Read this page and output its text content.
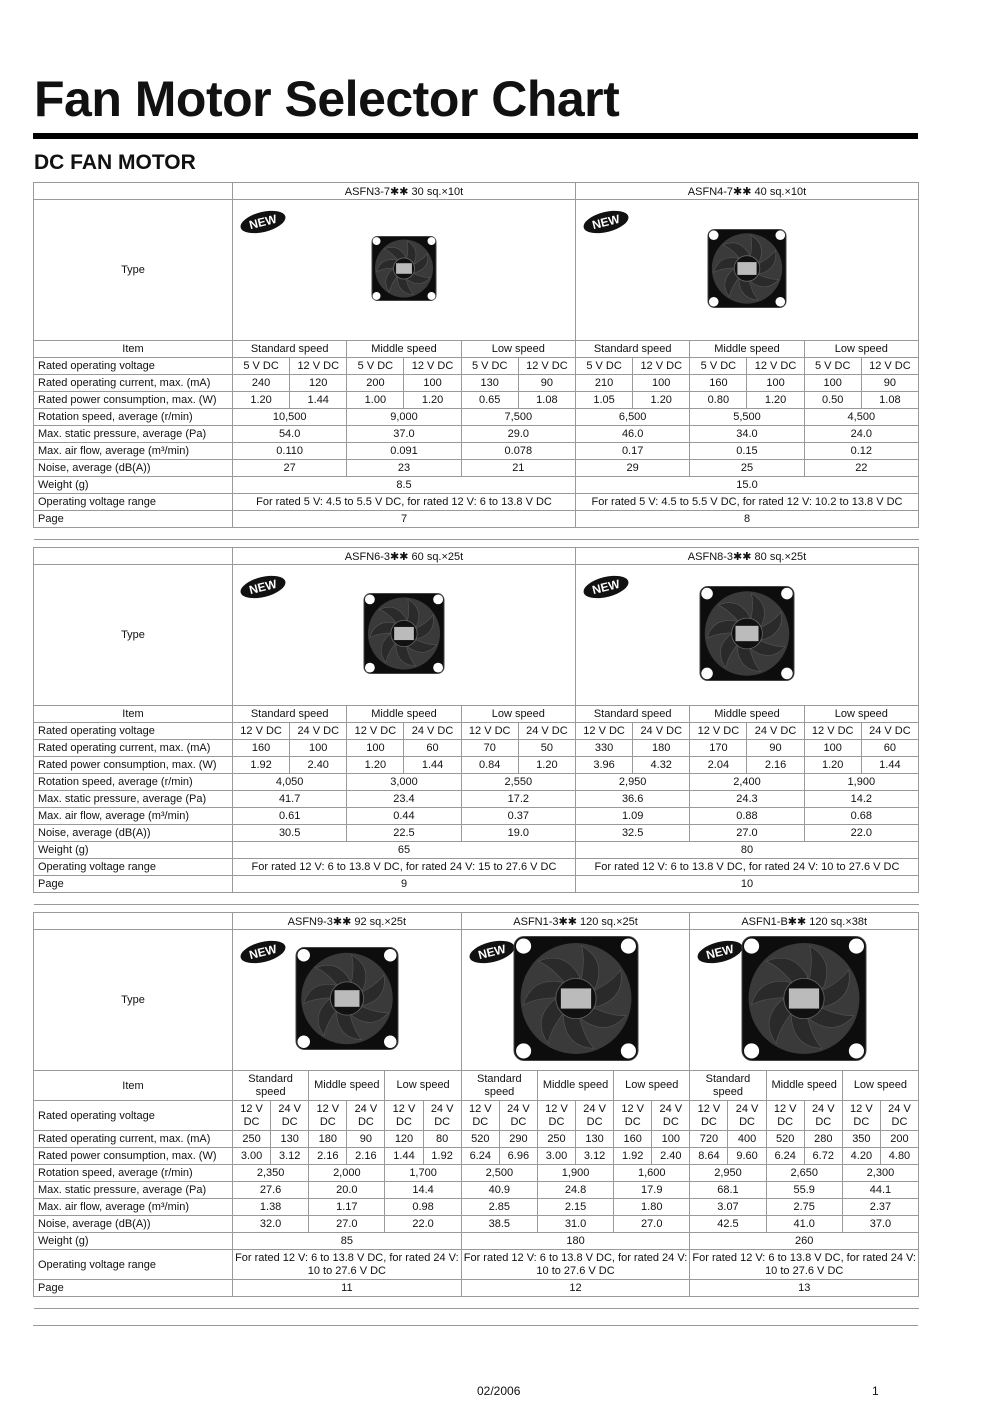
Fan Motor Selector Chart
DC FAN MOTOR
	ASFN3‑7✱✱ 30 sq.×10t						ASFN4‑7✱✱ 40 sq.×10t					
Type	NEW						NEW					

Item	Standard speed		Middle speed		Low speed		Standard speed		Middle speed		Low speed	
Rated operating voltage	5 V DC	12 V DC	5 V DC	12 V DC	5 V DC	12 V DC	5 V DC	12 V DC	5 V DC	12 V DC	5 V DC	12 V DC
Rated operating current, max. (mA)	240	120	200	100	130	90	210	100	160	100	100	90
Rated power consumption, max. (W)	1.20	1.44	1.00	1.20	0.65	1.08	1.05	1.20	0.80	1.20	0.50	1.08
Rotation speed, average (r/min)	10,500		9,000		7,500		6,500		5,500		4,500	
Max. static pressure, average (Pa)	54.0		37.0		29.0		46.0		34.0		24.0	
Max. air flow, average (m³/min)	0.110		0.091		0.078		0.17		0.15		0.12	
Noise, average (dB(A))	27		23		21		29		25		22	
Weight (g)	8.5						15.0					
Operating voltage range	For rated 5 V: 4.5 to 5.5 V DC, for rated 12 V: 6 to 13.8 V DC						For rated 5 V: 4.5 to 5.5 V DC, for rated 12 V: 10.2 to 13.8 V DC					
Page	7						8					

	ASFN6‑3✱✱ 60 sq.×25t						ASFN8‑3✱✱ 80 sq.×25t					
Type	NEW						NEW					

Item	Standard speed		Middle speed		Low speed		Standard speed		Middle speed		Low speed	
Rated operating voltage	12 V DC	24 V DC	12 V DC	24 V DC	12 V DC	24 V DC	12 V DC	24 V DC	12 V DC	24 V DC	12 V DC	24 V DC
Rated operating current, max. (mA)	160	100	100	60	70	50	330	180	170	90	100	60
Rated power consumption, max. (W)	1.92	2.40	1.20	1.44	0.84	1.20	3.96	4.32	2.04	2.16	1.20	1.44
Rotation speed, average (r/min)	4,050		3,000		2,550		2,950		2,400		1,900	
Max. static pressure, average (Pa)	41.7		23.4		17.2		36.6		24.3		14.2	
Max. air flow, average (m³/min)	0.61		0.44		0.37		1.09		0.88		0.68	
Noise, average (dB(A))	30.5		22.5		19.0		32.5		27.0		22.0	
Weight (g)	65						80					
Operating voltage range	For rated 12 V: 6 to 13.8 V DC, for rated 24 V: 15 to 27.6 V DC						For rated 12 V: 6 to 13.8 V DC, for rated 24 V: 10 to 27.6 V DC					
Page	9						10					

	ASFN9‑3✱✱ 92 sq.×25t						ASFN1‑3✱✱ 120 sq.×25t						ASFN1‑B✱✱ 120 sq.×38t					
Type	NEW						NEW						NEW					

Item	Standard speed		Middle speed		Low speed		Standard speed		Middle speed		Low speed		Standard speed		Middle speed		Low speed	
Rated operating voltage	12 V DC	24 V DC	12 V DC	24 V DC	12 V DC	24 V DC	12 V DC	24 V DC	12 V DC	24 V DC	12 V DC	24 V DC	12 V DC	24 V DC	12 V DC	24 V DC	12 V DC	24 V DC
Rated operating current, max. (mA)	250	130	180	90	120	80	520	290	250	130	160	100	720	400	520	280	350	200
Rated power consumption, max. (W)	3.00	3.12	2.16	2.16	1.44	1.92	6.24	6.96	3.00	3.12	1.92	2.40	8.64	9.60	6.24	6.72	4.20	4.80
Rotation speed, average (r/min)	2,350		2,000		1,700		2,500		1,900		1,600		2,950		2,650		2,300	
Max. static pressure, average (Pa)	27.6		20.0		14.4		40.9		24.8		17.9		68.1		55.9		44.1	
Max. air flow, average (m³/min)	1.38		1.17		0.98		2.85		2.15		1.80		3.07		2.75		2.37	
Noise, average (dB(A))	32.0		27.0		22.0		38.5		31.0		27.0		42.5		41.0		37.0	
Weight (g)	85						180						260					
Operating voltage range	For rated 12 V: 6 to 13.8 V DC, for rated 24 V: 10 to 27.6 V DC						For rated 12 V: 6 to 13.8 V DC, for rated 24 V: 10 to 27.6 V DC						For rated 12 V: 6 to 13.8 V DC, for rated 24 V: 10 to 27.6 V DC					
Page	11						12						13					

02/2006	1
